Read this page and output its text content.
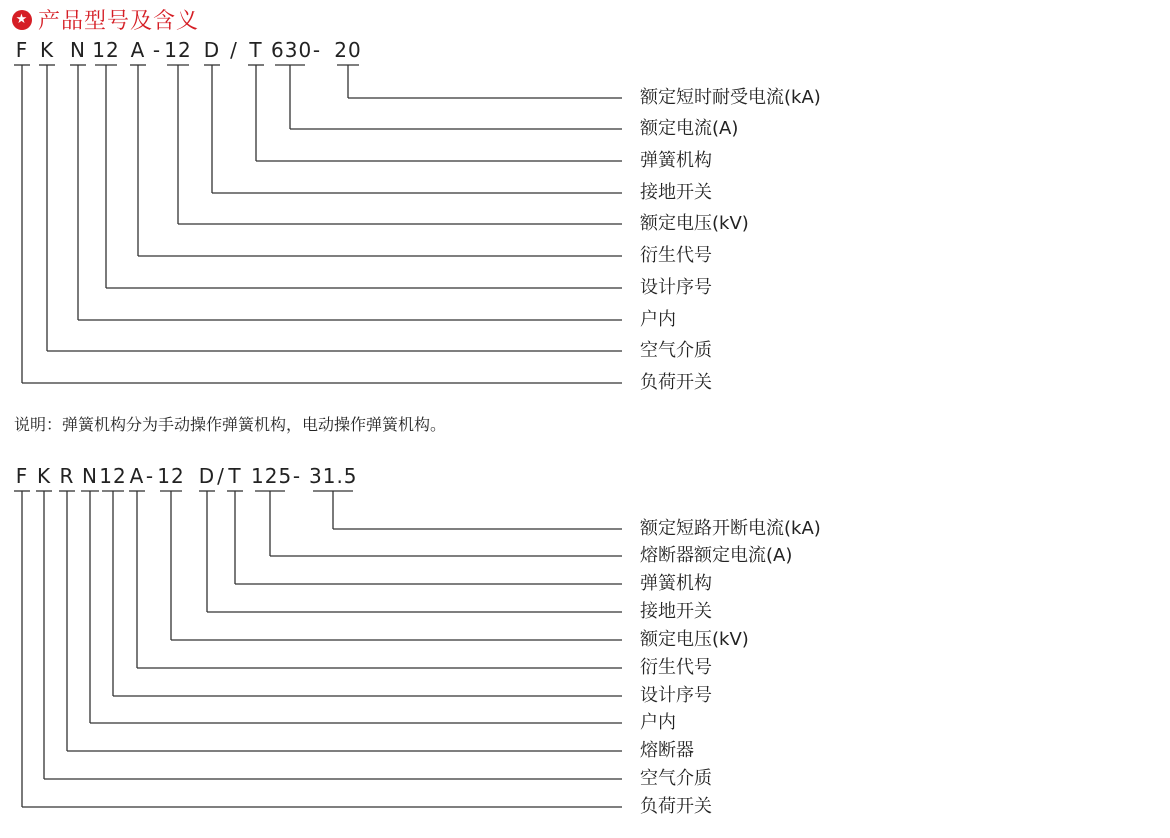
★ 产品型号及含义
F K N 12 A - 12 D / T 630 - 20
额定短时耐受电流(kA)
额定电流(A)
弹簧机构
接地开关
额定电压(kV)
衍生代号
设计序号
户内
空气介质
负荷开关
F K R N 12 A - 12 D / T 125 - 31.5
额定短路开断电流(kA)
熔断器额定电流(A)
弹簧机构
接地开关
额定电压(kV)
衍生代号
设计序号
户内
熔断器
空气介质
负荷开关
说明：弹簧机构分为手动操作弹簧机构，电动操作弹簧机构。
